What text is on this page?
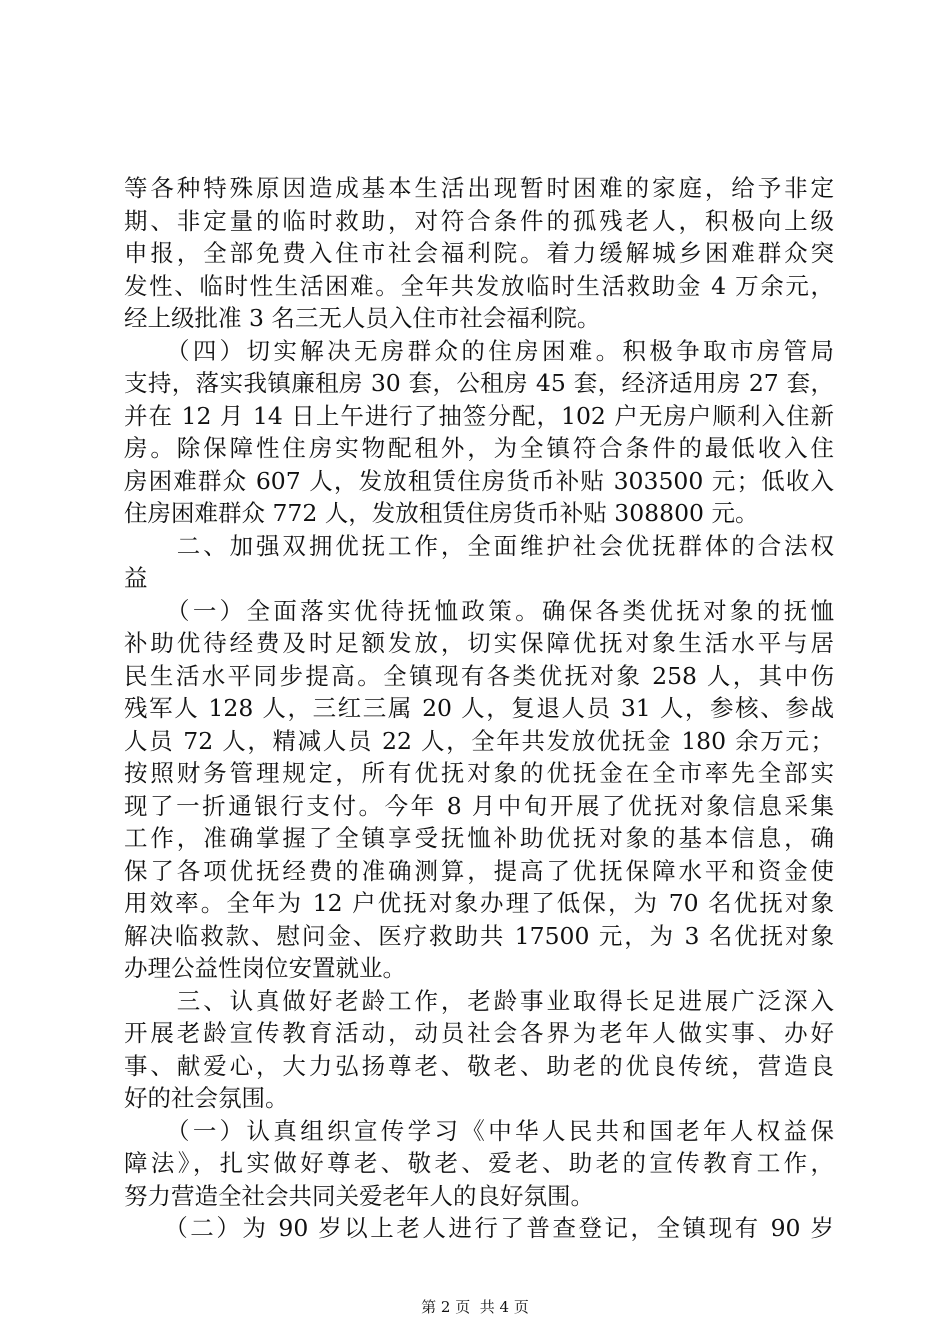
等各种特殊原因造成基本生活出现暂时困难的家庭，给予非定
期、非定量的临时救助，对符合条件的孤残老人，积极向上级
申报，全部免费入住市社会福利院。着力缓解城乡困难群众突
发性、临时性生活困难。全年共发放临时生活救助金 4 万余元，
经上级批准 3 名三无人员入住市社会福利院。
　　（四）切实解决无房群众的住房困难。积极争取市房管局
支持，落实我镇廉租房 30 套，公租房 45 套，经济适用房 27 套，
并在 12 月 14 日上午进行了抽签分配，102 户无房户顺利入住新
房。除保障性住房实物配租外，为全镇符合条件的最低收入住
房困难群众 607 人，发放租赁住房货币补贴 303500 元；低收入
住房困难群众 772 人，发放租赁住房货币补贴 308800 元。
　　二、加强双拥优抚工作，全面维护社会优抚群体的合法权
益
　　（一）全面落实优待抚恤政策。确保各类优抚对象的抚恤
补助优待经费及时足额发放，切实保障优抚对象生活水平与居
民生活水平同步提高。全镇现有各类优抚对象 258 人，其中伤
残军人 128 人，三红三属 20 人，复退人员 31 人，参核、参战
人员 72 人，精减人员 22 人，全年共发放优抚金 180 余万元；
按照财务管理规定，所有优抚对象的优抚金在全市率先全部实
现了一折通银行支付。今年 8 月中旬开展了优抚对象信息采集
工作，准确掌握了全镇享受抚恤补助优抚对象的基本信息，确
保了各项优抚经费的准确测算，提高了优抚保障水平和资金使
用效率。全年为 12 户优抚对象办理了低保，为 70 名优抚对象
解决临救款、慰问金、医疗救助共 17500 元，为 3 名优抚对象
办理公益性岗位安置就业。
　　三、认真做好老龄工作，老龄事业取得长足进展广泛深入
开展老龄宣传教育活动，动员社会各界为老年人做实事、办好
事、献爱心，大力弘扬尊老、敬老、助老的优良传统，营造良
好的社会氛围。
　　（一）认真组织宣传学习《中华人民共和国老年人权益保
障法》，扎实做好尊老、敬老、爱老、助老的宣传教育工作，
努力营造全社会共同关爱老年人的良好氛围。
　　（二）为 90 岁以上老人进行了普查登记，全镇现有 90 岁
第 2 页  共 4 页
